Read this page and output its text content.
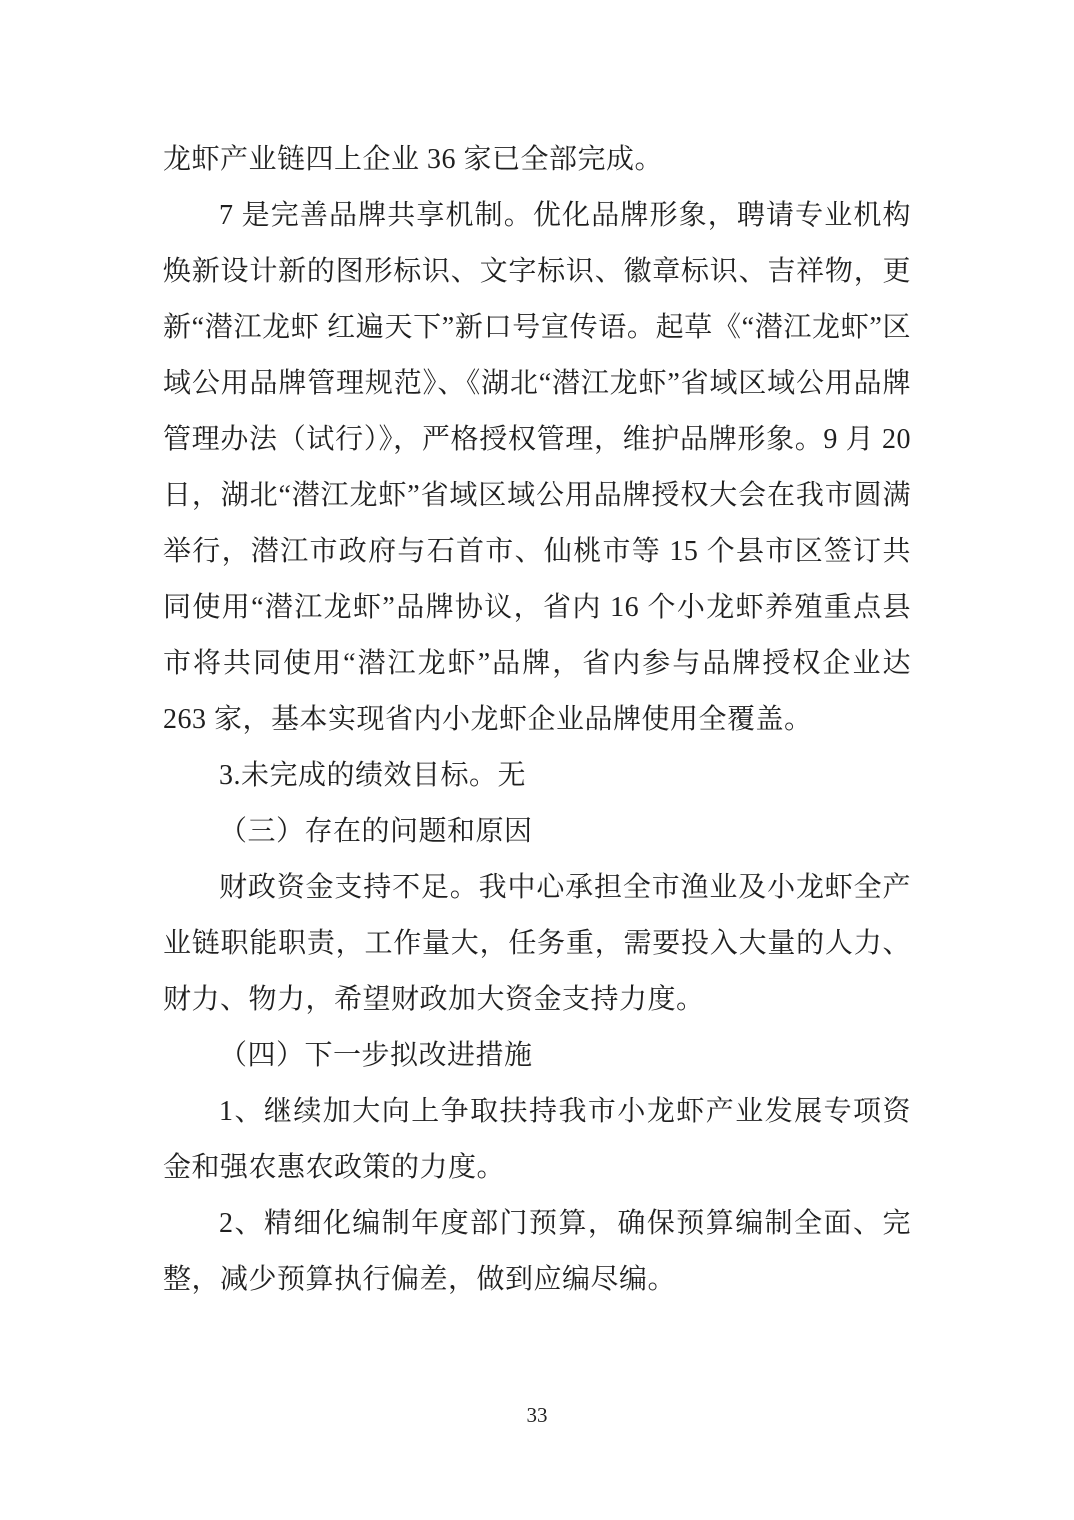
龙虾产业链四上企业 36 家已全部完成。

7 是完善品牌共享机制。优化品牌形象，聘请专业机构焕新设计新的图形标识、文字标识、徽章标识、吉祥物，更新“潜江龙虾 红遍天下”新口号宣传语。起草《“潜江龙虾”区域公用品牌管理规范》、《湖北“潜江龙虾”省域区域公用品牌管理办法（试行）》，严格授权管理，维护品牌形象。9 月 20 日，湖北“潜江龙虾”省域区域公用品牌授权大会在我市圆满举行，潜江市政府与石首市、仙桃市等 15 个县市区签订共同使用“潜江龙虾”品牌协议，省内 16 个小龙虾养殖重点县市将共同使用“潜江龙虾”品牌，省内参与品牌授权企业达 263 家，基本实现省内小龙虾企业品牌使用全覆盖。

3.未完成的绩效目标。无

（三）存在的问题和原因

财政资金支持不足。我中心承担全市渔业及小龙虾全产业链职能职责，工作量大，任务重，需要投入大量的人力、财力、物力，希望财政加大资金支持力度。

（四）下一步拟改进措施

1、继续加大向上争取扶持我市小龙虾产业发展专项资金和强农惠农政策的力度。

2、精细化编制年度部门预算，确保预算编制全面、完整，减少预算执行偏差，做到应编尽编。

33
